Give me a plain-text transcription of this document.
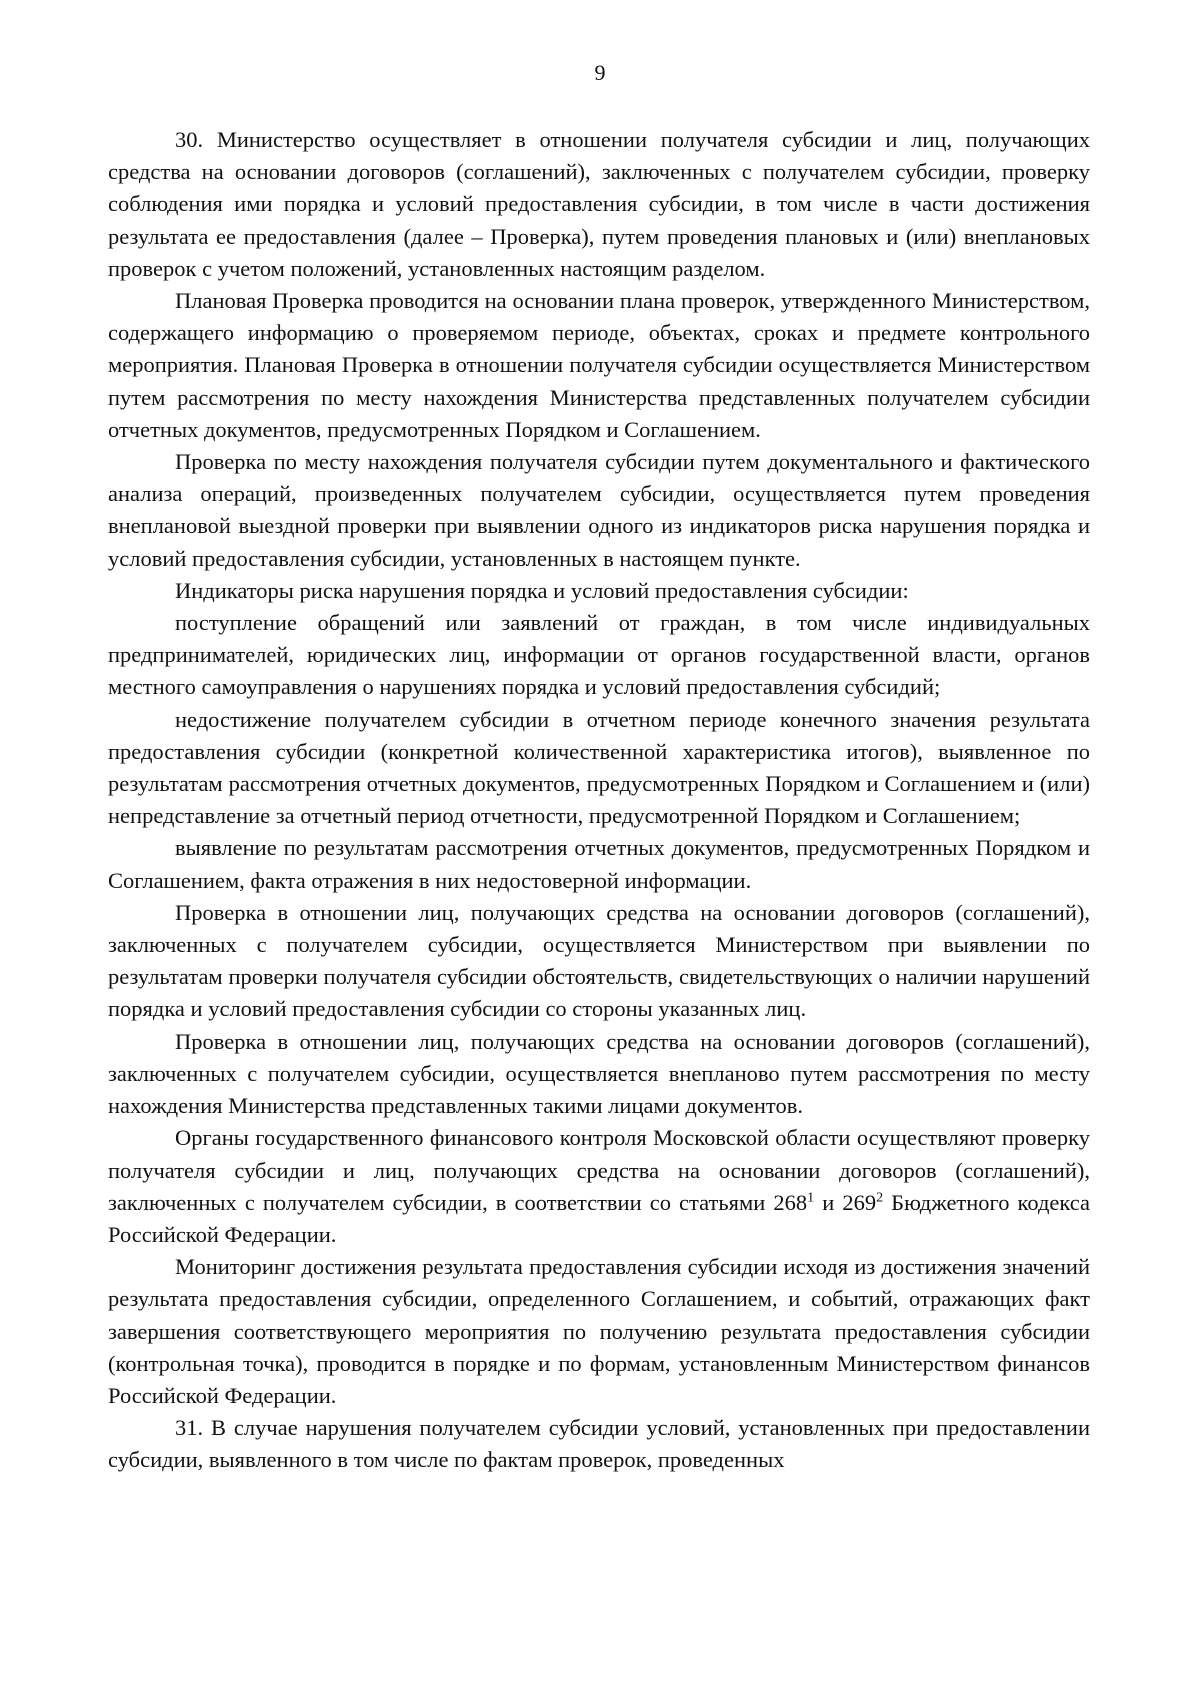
9

30. Министерство осуществляет в отношении получателя субсидии и лиц, получающих средства на основании договоров (соглашений), заключенных с получателем субсидии, проверку соблюдения ими порядка и условий предоставления субсидии, в том числе в части достижения результата ее предоставления (далее – Проверка), путем проведения плановых и (или) внеплановых проверок с учетом положений, установленных настоящим разделом.

Плановая Проверка проводится на основании плана проверок, утвержденного Министерством, содержащего информацию о проверяемом периоде, объектах, сроках и предмете контрольного мероприятия. Плановая Проверка в отношении получателя субсидии осуществляется Министерством путем рассмотрения по месту нахождения Министерства представленных получателем субсидии отчетных документов, предусмотренных Порядком и Соглашением.

Проверка по месту нахождения получателя субсидии путем документального и фактического анализа операций, произведенных получателем субсидии, осуществляется путем проведения внеплановой выездной проверки при выявлении одного из индикаторов риска нарушения порядка и условий предоставления субсидии, установленных в настоящем пункте.

Индикаторы риска нарушения порядка и условий предоставления субсидии:

поступление обращений или заявлений от граждан, в том числе индивидуальных предпринимателей, юридических лиц, информации от органов государственной власти, органов местного самоуправления о нарушениях порядка и условий предоставления субсидий;

недостижение получателем субсидии в отчетном периоде конечного значения результата предоставления субсидии (конкретной количественной характеристика итогов), выявленное по результатам рассмотрения отчетных документов, предусмотренных Порядком и Соглашением и (или) непредставление за отчетный период отчетности, предусмотренной Порядком и Соглашением;

выявление по результатам рассмотрения отчетных документов, предусмотренных Порядком и Соглашением, факта отражения в них недостоверной информации.

Проверка в отношении лиц, получающих средства на основании договоров (соглашений), заключенных с получателем субсидии, осуществляется Министерством при выявлении по результатам проверки получателя субсидии обстоятельств, свидетельствующих о наличии нарушений порядка и условий предоставления субсидии со стороны указанных лиц.

Проверка в отношении лиц, получающих средства на основании договоров (соглашений), заключенных с получателем субсидии, осуществляется внепланово путем рассмотрения по месту нахождения Министерства представленных такими лицами документов.

Органы государственного финансового контроля Московской области осуществляют проверку получателя субсидии и лиц, получающих средства на основании договоров (соглашений), заключенных с получателем субсидии, в соответствии со статьями $268^1$ и $269^2$ Бюджетного кодекса Российской Федерации.

Мониторинг достижения результата предоставления субсидии исходя из достижения значений результата предоставления субсидии, определенного Соглашением, и событий, отражающих факт завершения соответствующего мероприятия по получению результата предоставления субсидии (контрольная точка), проводится в порядке и по формам, установленным Министерством финансов Российской Федерации.

31. В случае нарушения получателем субсидии условий, установленных при предоставлении субсидии, выявленного в том числе по фактам проверок, проведенных
